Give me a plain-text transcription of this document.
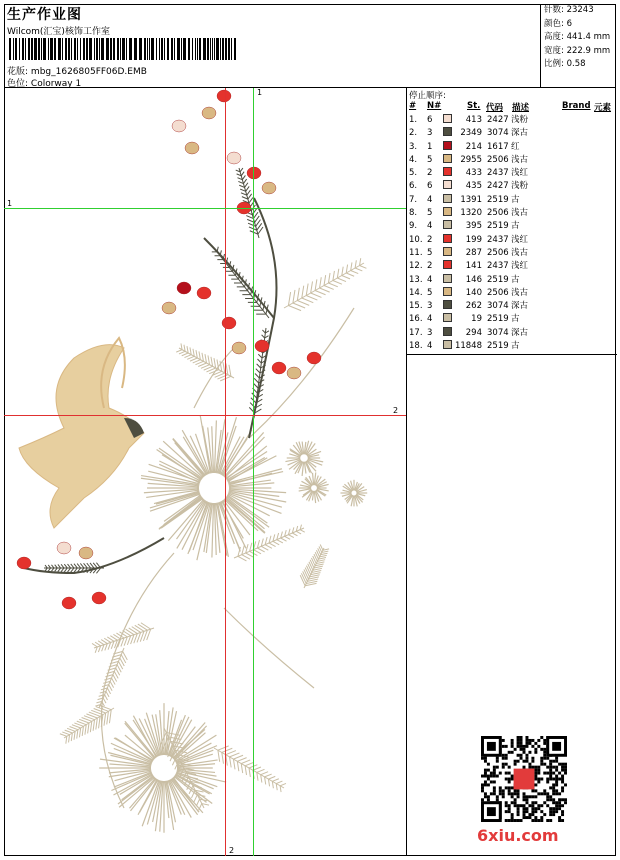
生产作业图
Wilcom(汇宝)核饰工作室
花版: mbg_1626805FF06D.EMB
色位: Colorway 1
针数: 23243
颜色: 6
高度: 441.4 mm
宽度: 222.9 mm
比例: 0.58
1
2
1
2
停止顺序:
# N#	St. 代码 描述	Brand 元素
1. 6	413 2427 浅粉
2. 3	2349 3074 深古
3. 1	214 1617 红
4. 5	2955 2506 浅古
5. 2	433 2437 浅红
6. 6	435 2427 浅粉
7. 4	1391 2519 古
8. 5	1320 2506 浅古
9. 4	395 2519 古
10. 2	199 2437 浅红
11. 5	287 2506 浅古
12. 2	141 2437 浅红
13. 4	146 2519 古
14. 5	140 2506 浅古
15. 3	262 3074 深古
16. 4	19 2519 古
17. 3	294 3074 深古
18. 4	11848 2519 古
6xiu.com
